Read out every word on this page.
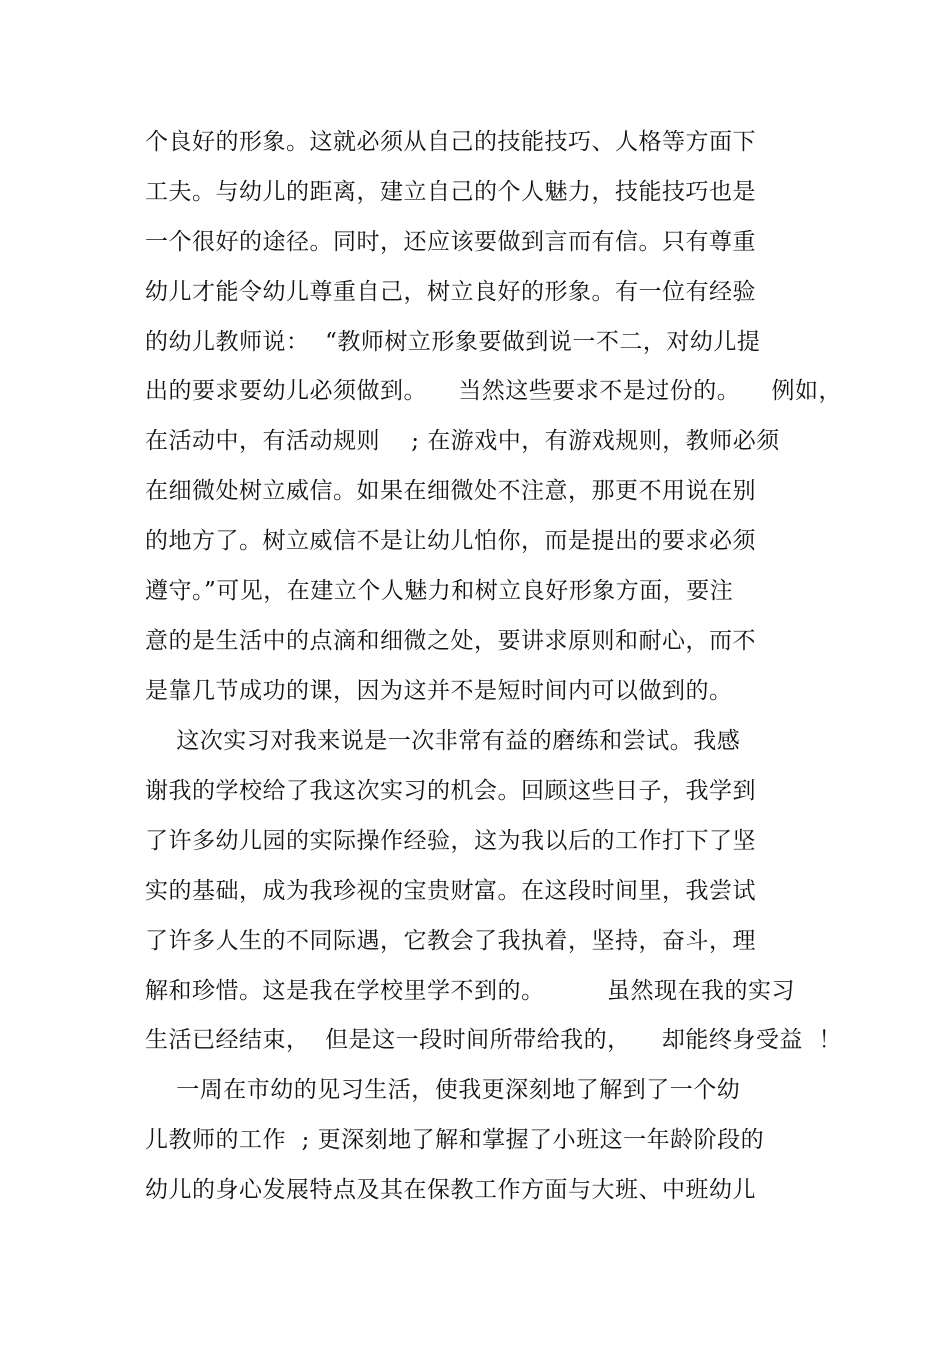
个良好的形象。这就必须从自己的技能技巧、人格等方面下
工夫。与幼儿的距离，建立自己的个人魅力，技能技巧也是
一个很好的途径。同时，还应该要做到言而有信。只有尊重
幼儿才能令幼儿尊重自己，树立良好的形象。有一位有经验
的幼儿教师说：  “教师树立形象要做到说一不二，对幼儿提
出的要求要幼儿必须做到。    当然这些要求不是过份的。    例如，
在活动中，有活动规则    ; 在游戏中，有游戏规则，教师必须
在细微处树立威信。如果在细微处不注意，那更不用说在别
的地方了。树立威信不是让幼儿怕你，而是提出的要求必须
遵守。”可见，在建立个人魅力和树立良好形象方面，要注
意的是生活中的点滴和细微之处，要讲求原则和耐心，而不
是靠几节成功的课，因为这并不是短时间内可以做到的。
这次实习对我来说是一次非常有益的磨练和尝试。我感
谢我的学校给了我这次实习的机会。回顾这些日子，我学到
了许多幼儿园的实际操作经验，这为我以后的工作打下了坚
实的基础，成为我珍视的宝贵财富。在这段时间里，我尝试
了许多人生的不同际遇，它教会了我执着，坚持，奋斗，理
解和珍惜。这是我在学校里学不到的。        虽然现在我的实习
生活已经结束，  但是这一段时间所带给我的，    却能终身受益  ！
一周在市幼的见习生活，使我更深刻地了解到了一个幼
儿教师的工作  ; 更深刻地了解和掌握了小班这一年龄阶段的
幼儿的身心发展特点及其在保教工作方面与大班、中班幼儿
